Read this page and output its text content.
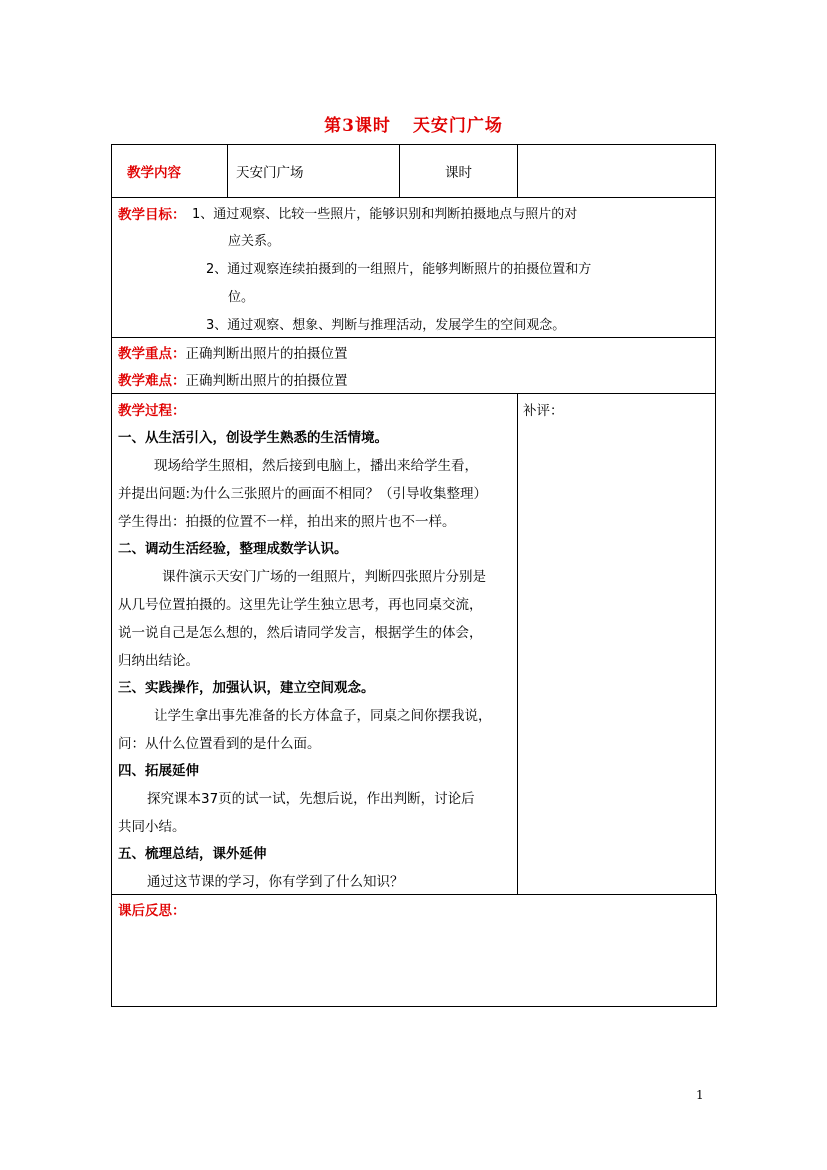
第3课时 天安门广场
教学内容	天安门广场	课时
教学目标： 1、通过观察、比较一些照片，能够识别和判断拍摄地点与照片的对
应关系。
2、通过观察连续拍摄到的一组照片，能够判断照片的拍摄位置和方
位。
3、通过观察、想象、判断与推理活动，发展学生的空间观念。
教学重点：正确判断出照片的拍摄位置
教学难点：正确判断出照片的拍摄位置
教学过程：
一、从生活引入，创设学生熟悉的生活情境。
现场给学生照相，然后接到电脑上，播出来给学生看，
并提出问题:为什么三张照片的画面不相同？（引导收集整理）
学生得出：拍摄的位置不一样，拍出来的照片也不一样。
二、调动生活经验，整理成数学认识。
课件演示天安门广场的一组照片，判断四张照片分别是
从几号位置拍摄的。这里先让学生独立思考，再也同桌交流，
说一说自己是怎么想的，然后请同学发言，根据学生的体会，
归纳出结论。
三、实践操作，加强认识，建立空间观念。
让学生拿出事先准备的长方体盒子，同桌之间你摆我说，
问：从什么位置看到的是什么面。
四、拓展延伸
探究课本37页的试一试，先想后说，作出判断，讨论后
共同小结。
五、梳理总结，课外延伸
通过这节课的学习，你有学到了什么知识？
补评：
课后反思：
1
